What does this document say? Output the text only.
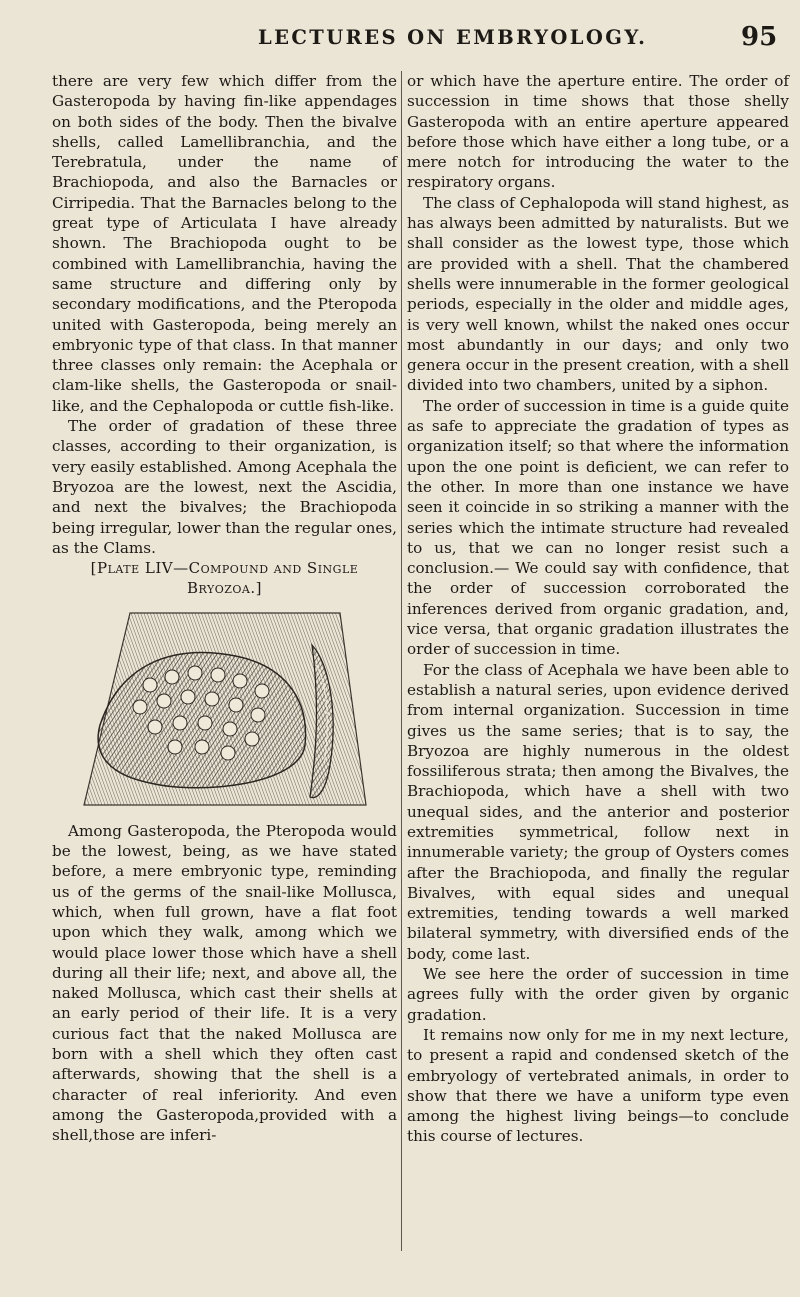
LECTURES ON EMBRYOLOGY.	95

there are very few which differ from the Gasteropoda by having fin-like appendages on both sides of the body. Then the bivalve shells, called Lamellibranchia, and the Terebratula, under the name of Brachiopoda, and also the Barnacles or Cirripedia. That the Barnacles belong to the great type of Articulata I have already shown. The Brachiopoda ought to be combined with Lamellibranchia, having the same structure and differing only by secondary modifications, and the Pteropoda united with Gasteropoda, being merely an embryonic type of that class. In that manner three classes only remain: the Acephala or clam-like shells, the Gasteropoda or snail-like, and the Cephalopoda or cuttle fish-like.

The order of gradation of these three classes, according to their organization, is very easily established. Among Acephala the Bryozoa are the lowest, next the Ascidia, and next the bivalves; the Brachiopoda being irregular, lower than the regular ones, as the Clams.

[Plate LIV—Compound and Single Bryozoa.]

Among Gasteropoda, the Pteropoda would be the lowest, being, as we have stated before, a mere embryonic type, reminding us of the germs of the snail-like Mollusca, which, when full grown, have a flat foot upon which they walk, among which we would place lower those which have a shell during all their life; next, and above all, the naked Mollusca, which cast their shells at an early period of their life. It is a very curious fact that the naked Mollusca are born with a shell which they often cast afterwards, showing that the shell is a character of real inferiority. And even among the Gasteropoda,provided with a shell,those are inferi-

or which have the aperture entire. The order of succession in time shows that those shelly Gasteropoda with an entire aperture appeared before those which have either a long tube, or a mere notch for introducing the water to the respiratory organs.

The class of Cephalopoda will stand highest, as has always been admitted by naturalists. But we shall consider as the lowest type, those which are provided with a shell. That the chambered shells were innumerable in the former geological periods, especially in the older and middle ages, is very well known, whilst the naked ones occur most abundantly in our days; and only two genera occur in the present creation, with a shell divided into two chambers, united by a siphon.

The order of succession in time is a guide quite as safe to appreciate the gradation of types as organization itself; so that where the information upon the one point is deficient, we can refer to the other. In more than one instance we have seen it coincide in so striking a manner with the series which the intimate structure had revealed to us, that we can no longer resist such a conclusion.— We could say with confidence, that the order of succession corroborated the inferences derived from organic gradation, and, vice versa, that organic gradation illustrates the order of succession in time.

For the class of Acephala we have been able to establish a natural series, upon evidence derived from internal organization. Succession in time gives us the same series; that is to say, the Bryozoa are highly numerous in the oldest fossiliferous strata; then among the Bivalves, the Brachiopoda, which have a shell with two unequal sides, and the anterior and posterior extremities symmetrical, follow next in innumerable variety; the group of Oysters comes after the Brachiopoda, and finally the regular Bivalves, with equal sides and unequal extremities, tending towards a well marked bilateral symmetry, with diversified ends of the body, come last.

We see here the order of succession in time agrees fully with the order given by organic gradation.

It remains now only for me in my next lecture, to present a rapid and condensed sketch of the embryology of vertebrated animals, in order to show that there we have a uniform type even among the highest living beings—to conclude this course of lectures.
